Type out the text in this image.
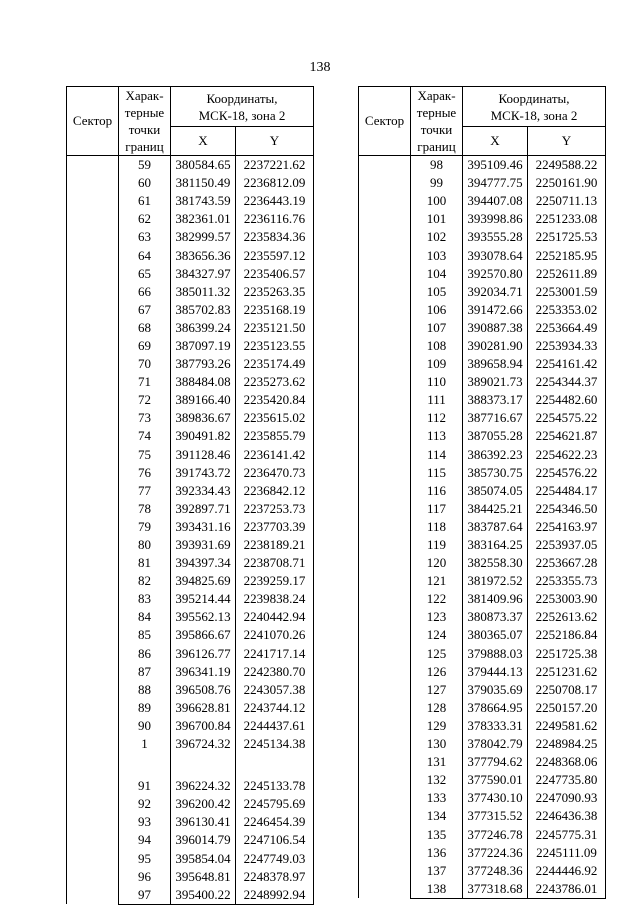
138
Сектор	Харак-
терные
точки
границ	Координаты,
МСК-18, зона 2	
		X	Y
	59	380584.65	2237221.62
	60	381150.49	2236812.09
	61	381743.59	2236443.19
	62	382361.01	2236116.76
	63	382999.57	2235834.36
	64	383656.36	2235597.12
	65	384327.97	2235406.57
	66	385011.32	2235263.35
	67	385702.83	2235168.19
	68	386399.24	2235121.50
	69	387097.19	2235123.55
	70	387793.26	2235174.49
	71	388484.08	2235273.62
	72	389166.40	2235420.84
	73	389836.67	2235615.02
	74	390491.82	2235855.79
	75	391128.46	2236141.42
	76	391743.72	2236470.73
	77	392334.43	2236842.12
	78	392897.71	2237253.73
	79	393431.16	2237703.39
	80	393931.69	2238189.21
	81	394397.34	2238708.71
	82	394825.69	2239259.17
	83	395214.44	2239838.24
	84	395562.13	2240442.94
	85	395866.67	2241070.26
	86	396126.77	2241717.14
	87	396341.19	2242380.70
	88	396508.76	2243057.38
	89	396628.81	2243744.12
	90	396700.84	2244437.61
	1	396724.32	2245134.38

	91	396224.32	2245133.78
	92	396200.42	2245795.69
	93	396130.41	2246454.39
	94	396014.79	2247106.54
	95	395854.04	2247749.03
	96	395648.81	2248378.97
	97	395400.22	2248992.94
Сектор	Харак-
терные
точки
границ	Координаты,
МСК-18, зона 2	
		X	Y
	98	395109.46	2249588.22
	99	394777.75	2250161.90
	100	394407.08	2250711.13
	101	393998.86	2251233.08
	102	393555.28	2251725.53
	103	393078.64	2252185.95
	104	392570.80	2252611.89
	105	392034.71	2253001.59
	106	391472.66	2253353.02
	107	390887.38	2253664.49
	108	390281.90	2253934.33
	109	389658.94	2254161.42
	110	389021.73	2254344.37
	111	388373.17	2254482.60
	112	387716.67	2254575.22
	113	387055.28	2254621.87
	114	386392.23	2254622.23
	115	385730.75	2254576.22
	116	385074.05	2254484.17
	117	384425.21	2254346.50
	118	383787.64	2254163.97
	119	383164.25	2253937.05
	120	382558.30	2253667.28
	121	381972.52	2253355.73
	122	381409.96	2253003.90
	123	380873.37	2252613.62
	124	380365.07	2252186.84
	125	379888.03	2251725.38
	126	379444.13	2251231.62
	127	379035.69	2250708.17
	128	378664.95	2250157.20
	129	378333.31	2249581.62
	130	378042.79	2248984.25
	131	377794.62	2248368.06
	132	377590.01	2247735.80
	133	377430.10	2247090.93
	134	377315.52	2246436.38
	135	377246.78	2245775.31
	136	377224.36	2245111.09
	137	377248.36	2244446.92
	138	377318.68	2243786.01
